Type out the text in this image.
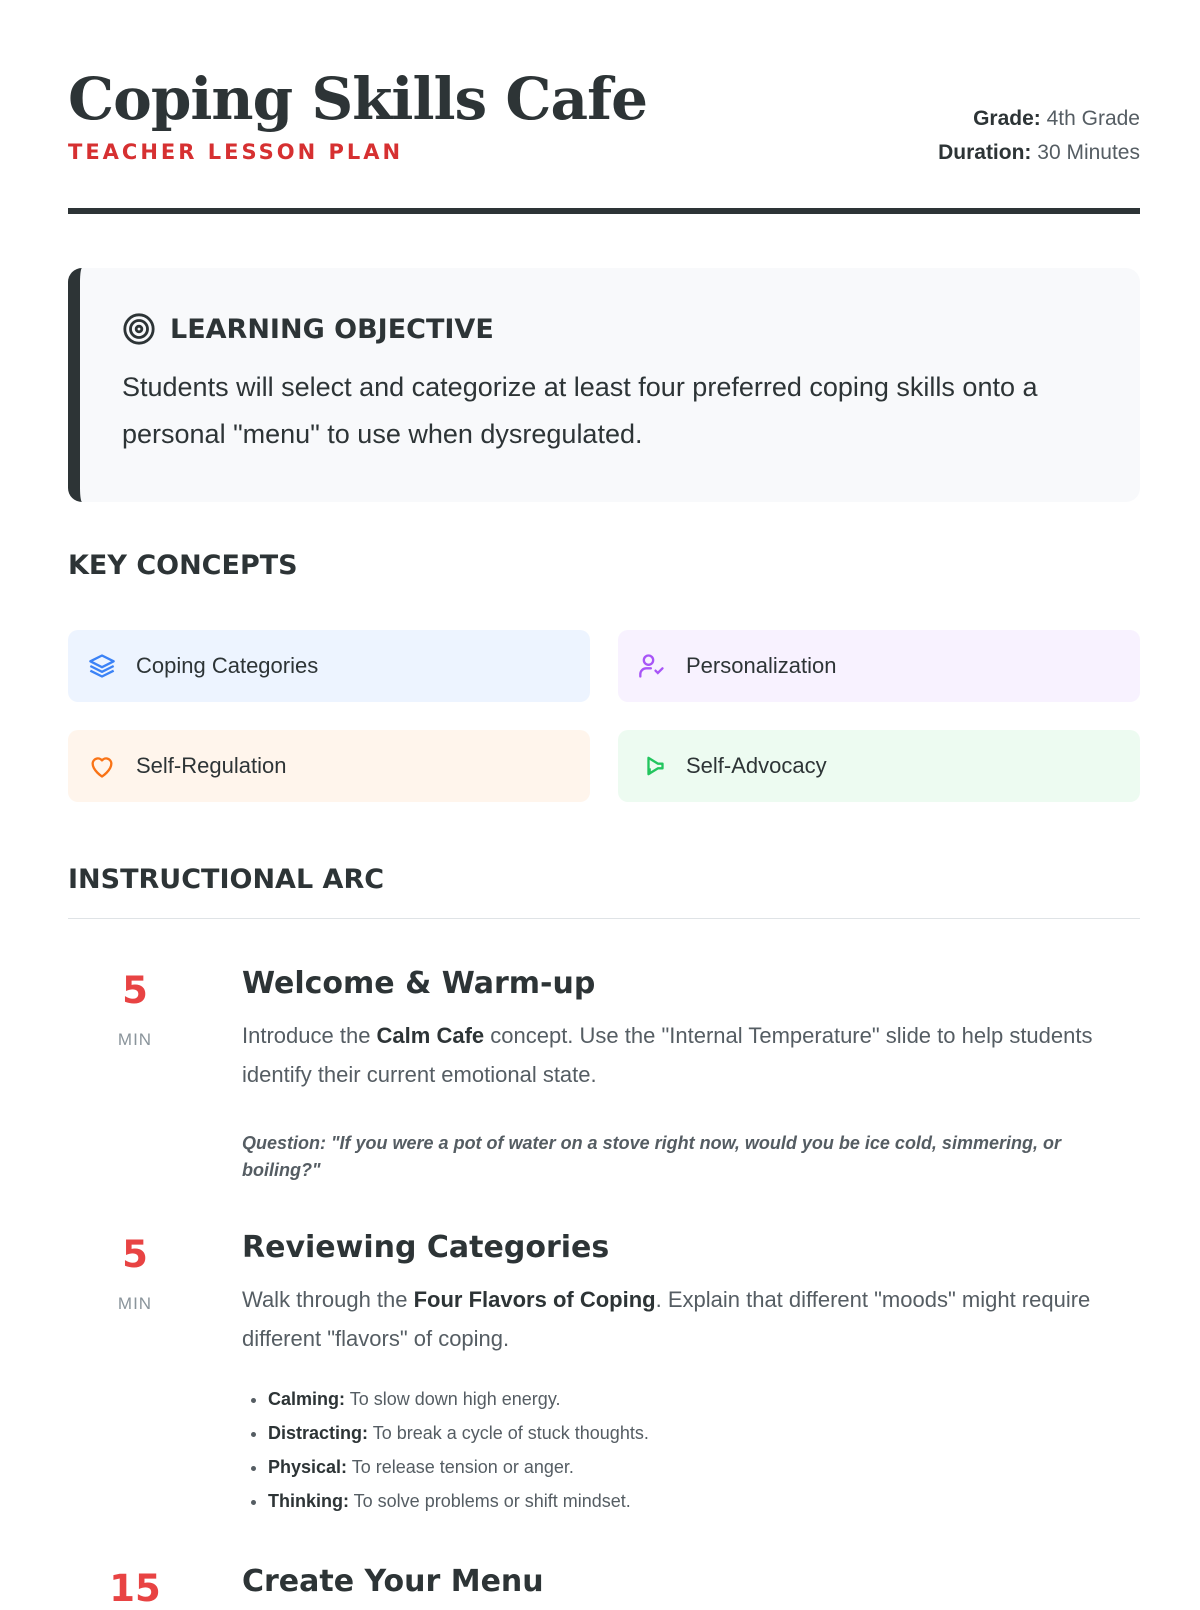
Coping Skills Cafe
TEACHER LESSON PLAN
Grade: 4th Grade
Duration: 30 Minutes
LEARNING OBJECTIVE

Students will select and categorize at least four preferred coping skills onto a personal "menu" to use when dysregulated.

KEY CONCEPTS
Coping Categories	Personalization
Self-Regulation	Self-Advocacy
INSTRUCTIONAL ARC
5
MIN
Welcome & Warm-up

Introduce the Calm Cafe concept. Use the "Internal Temperature" slide to help students identify their current emotional state.

Question: "If you were a pot of water on a stove right now, would you be ice cold, simmering, or boiling?"

5
MIN
Reviewing Categories

Walk through the Four Flavors of Coping. Explain that different "moods" might require different "flavors" of coping.

• Calming: To slow down high energy.
• Distracting: To break a cycle of stuck thoughts.
• Physical: To release tension or anger.
• Thinking: To solve problems or shift mindset.
15	Create Your Menu
